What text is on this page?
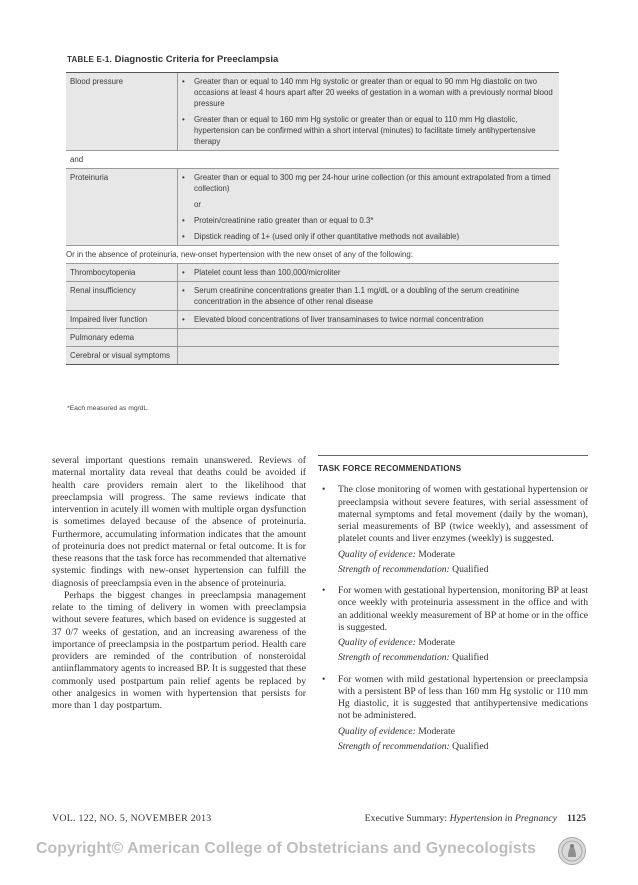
TABLE E-1. Diagnostic Criteria for Preeclampsia
Blood pressure	• Greater than or equal to 140 mm Hg systolic or greater than or equal to 90 mm Hg diastolic on two occasions at least 4 hours apart after 20 weeks of gestation in a woman with a previously normal blood pressure
• Greater than or equal to 160 mm Hg systolic or greater than or equal to 110 mm Hg diastolic, hypertension can be confirmed within a short interval (minutes) to facilitate timely antihypertensive therapy
and
Proteinuria	• Greater than or equal to 300 mg per 24-hour urine collection (or this amount extrapolated from a timed collection)
or
• Protein/creatinine ratio greater than or equal to 0.3*
• Dipstick reading of 1+ (used only if other quantitative methods not available)
Or in the absence of proteinuria, new-onset hypertension with the new onset of any of the following:
Thrombocytopenia	• Platelet count less than 100,000/microliter
Renal insufficiency	• Serum creatinine concentrations greater than 1.1 mg/dL or a doubling of the serum creatinine concentration in the absence of other renal disease
Impaired liver function	• Elevated blood concentrations of liver transaminases to twice normal concentration
Pulmonary edema
Cerebral or visual symptoms
*Each measured as mg/dL.

several important questions remain unanswered. Reviews of maternal mortality data reveal that deaths could be avoided if health care providers remain alert to the likelihood that preeclampsia will progress. The same reviews indicate that intervention in acutely ill women with multiple organ dysfunction is sometimes delayed because of the absence of proteinuria. Furthermore, accumulating information indicates that the amount of proteinuria does not predict maternal or fetal outcome. It is for these reasons that the task force has recommended that alternative systemic findings with new-onset hypertension can fulfill the diagnosis of preeclampsia even in the absence of proteinuria.

Perhaps the biggest changes in preeclampsia management relate to the timing of delivery in women with preeclampsia without severe features, which based on evidence is suggested at 37 0/7 weeks of gestation, and an increasing awareness of the importance of preeclampsia in the postpartum period. Health care providers are reminded of the contribution of nonsteroidal antiinflammatory agents to increased BP. It is suggested that these commonly used postpartum pain relief agents be replaced by other analgesics in women with hypertension that persists for more than 1 day postpartum.

TASK FORCE RECOMMENDATIONS
• The close monitoring of women with gestational hypertension or preeclampsia without severe features, with serial assessment of maternal symptoms and fetal movement (daily by the woman), serial measurements of BP (twice weekly), and assessment of platelet counts and liver enzymes (weekly) is suggested.
Quality of evidence: Moderate
Strength of recommendation: Qualified
• For women with gestational hypertension, monitoring BP at least once weekly with proteinuria assessment in the office and with an additional weekly measurement of BP at home or in the office is suggested.
Quality of evidence: Moderate
Strength of recommendation: Qualified
• For women with mild gestational hypertension or preeclampsia with a persistent BP of less than 160 mm Hg systolic or 110 mm Hg diastolic, it is suggested that antihypertensive medications not be administered.
Quality of evidence: Moderate
Strength of recommendation: Qualified
VOL. 122, NO. 5, NOVEMBER 2013	Executive Summary: Hypertension in Pregnancy 1125
Copyright© American College of Obstetricians and Gynecologists
